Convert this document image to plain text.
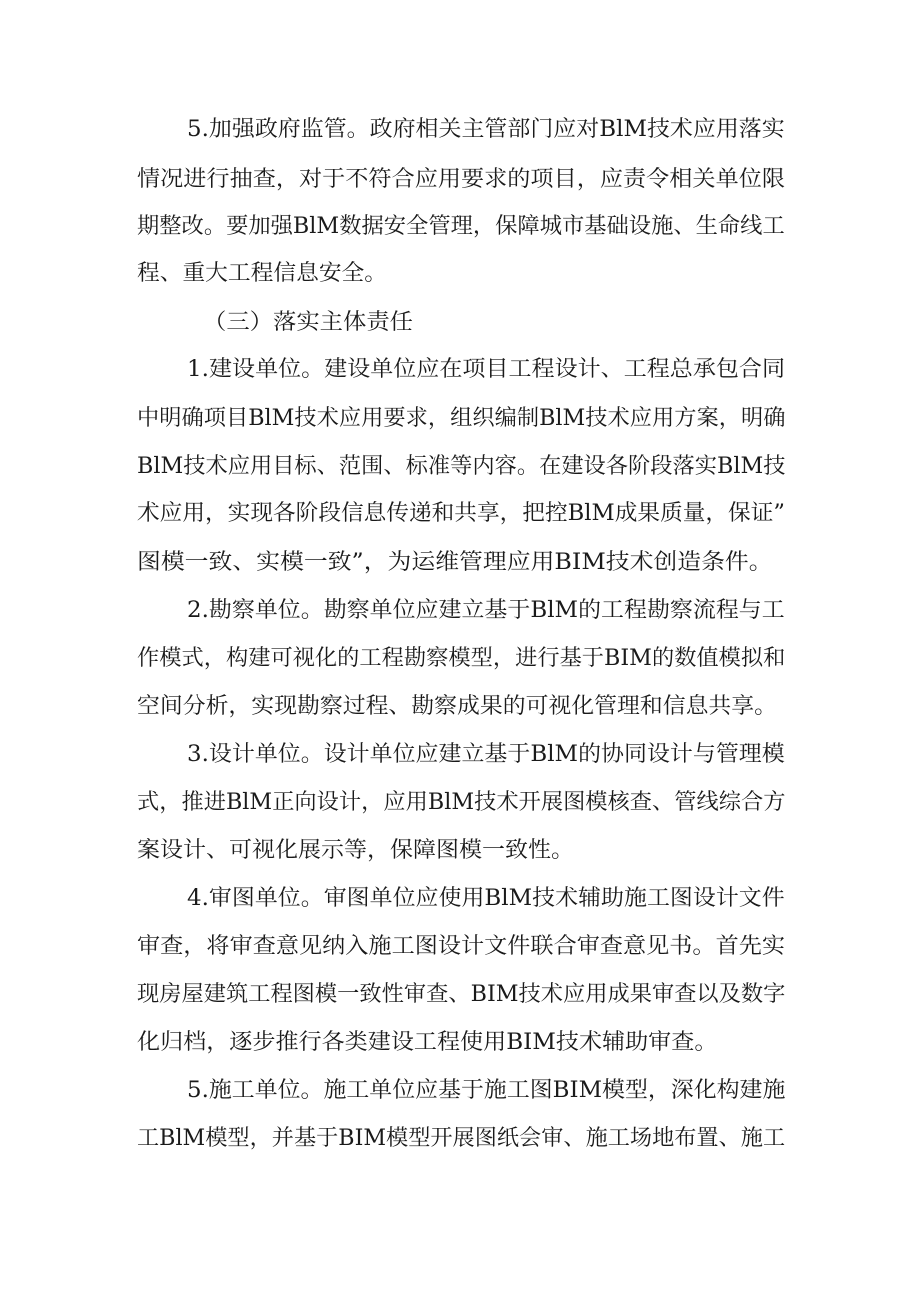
5.加强政府监管。政府相关主管部门应对BlM技术应用落实
情况进行抽查，对于不符合应用要求的项目，应责令相关单位限
期整改。要加强BlM数据安全管理，保障城市基础设施、生命线工
程、重大工程信息安全。
（三）落实主体责任
1.建设单位。建设单位应在项目工程设计、工程总承包合同
中明确项目BlM技术应用要求，组织编制BlM技术应用方案，明确
BlM技术应用目标、范围、标准等内容。在建设各阶段落实BlM技
术应用，实现各阶段信息传递和共享，把控BlM成果质量，保证”
图模一致、实模一致”，为运维管理应用BIM技术创造条件。
2.勘察单位。勘察单位应建立基于BlM的工程勘察流程与工
作模式，构建可视化的工程勘察模型，进行基于BIM的数值模拟和
空间分析，实现勘察过程、勘察成果的可视化管理和信息共享。
3.设计单位。设计单位应建立基于BlM的协同设计与管理模
式，推进BlM正向设计，应用BlM技术开展图模核查、管线综合方
案设计、可视化展示等，保障图模一致性。
4.审图单位。审图单位应使用BlM技术辅助施工图设计文件
审查，将审查意见纳入施工图设计文件联合审查意见书。首先实
现房屋建筑工程图模一致性审查、BIM技术应用成果审查以及数字
化归档，逐步推行各类建设工程使用BIM技术辅助审查。
5.施工单位。施工单位应基于施工图BIM模型，深化构建施
工BlM模型，并基于BIM模型开展图纸会审、施工场地布置、施工
